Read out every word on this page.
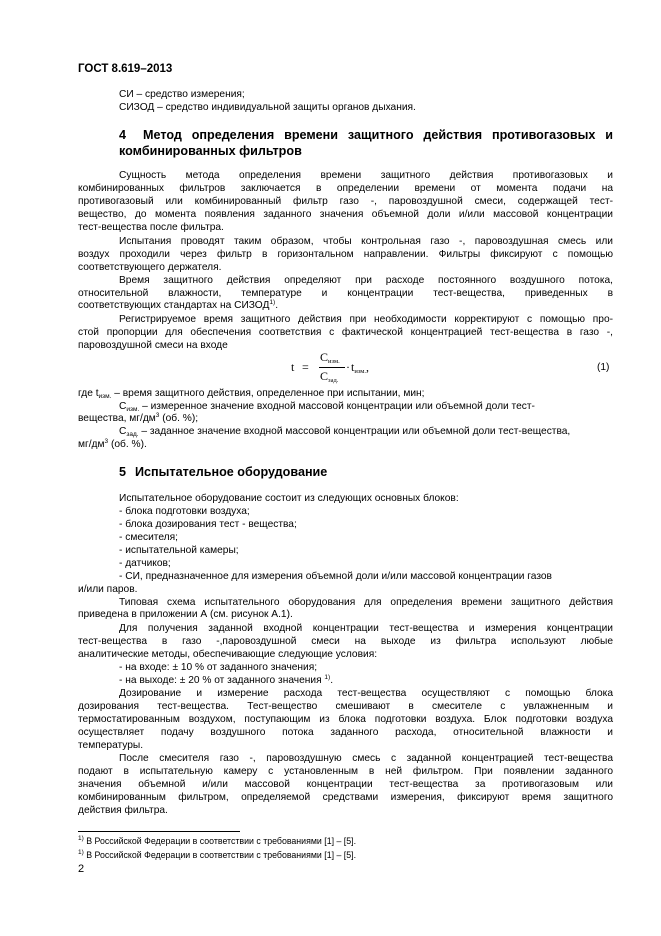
ГОСТ 8.619–2013
СИ – средство измерения;
СИЗОД – средство индивидуальной защиты органов дыхания.
4 Метод определения времени защитного действия противогазовых и
комбинированных фильтров
Сущность метода определения времени защитного действия противогазовых и
комбинированных фильтров заключается в определении времени от момента подачи на
противогазовый или комбинированный фильтр газо -, паровоздушной смеси, содержащей тест-
вещество, до момента появления заданного значения объемной доли и/или массовой концентрации
тест-вещества после фильтра.
Испытания проводят таким образом, чтобы контрольная газо -, паровоздушная смесь или
воздух проходили через фильтр в горизонтальном направлении. Фильтры фиксируют с помощью
соответствующего держателя.
Время защитного действия определяют при расходе постоянного воздушного потока,
относительной влажности, температуре и концентрации тест-вещества, приведенных в
соответствующих стандартах на СИЗОД$^{1)}$.
Регистрируемое время защитного действия при необходимости корректируют с помощью про-
стой пропорции для обеспечения соответствия с фактической концентрацией тест-вещества в газо -,
паровоздушной смеси на входе
t =
$C_{изм.}$
$C_{зад.}$
· $t_{изм.}$,	(1)
где $t_{изм.}$ – время защитного действия, определенное при испытании, мин;
$C_{изм.}$ – измеренное значение входной массовой концентрации или объемной доли тест-
вещества, $мг/дм^3$ (об. %);
$C_{зад.}$ – заданное значение входной массовой концентрации или объемной доли тест-вещества,
$мг/дм^3$ (об. %).
5 Испытательное оборудование
Испытательное оборудование состоит из следующих основных блоков:
- блока подготовки воздуха;
- блока дозирования тест - вещества;
- смесителя;
- испытательной камеры;
- датчиков;
- СИ, предназначенное для измерения объемной доли и/или массовой концентрации газов
и/или паров.
Типовая схема испытательного оборудования для определения времени защитного действия
приведена в приложении А (см. рисунок А.1).
Для получения заданной входной концентрации тест-вещества и измерения концентрации
тест-вещества в газо -,паровоздушной смеси на выходе из фильтра используют любые
аналитические методы, обеспечивающие следующие условия:
- на входе: ± 10 % от заданного значения;
- на выходе: ± 20 % от заданного значения $^{1)}$.
Дозирование и измерение расхода тест-вещества осуществляют с помощью блока
дозирования тест-вещества. Тест-вещество смешивают в смесителе с увлажненным и
термостатированным воздухом, поступающим из блока подготовки воздуха. Блок подготовки воздуха
осуществляет подачу воздушного потока заданного расхода, относительной влажности и
температуры.
После смесителя газо -, паровоздушную смесь с заданной концентрацией тест-вещества
подают в испытательную камеру с установленным в ней фильтром. При появлении заданного
значения объемной и/или массовой концентрации тест-вещества за противогазовым или
комбинированным фильтром, определяемой средствами измерения, фиксируют время защитного
действия фильтра.
$^{1)}$ В Российской Федерации в соответствии с требованиями [1] – [5].
$^{1)}$ В Российской Федерации в соответствии с требованиями [1] – [5].
2
